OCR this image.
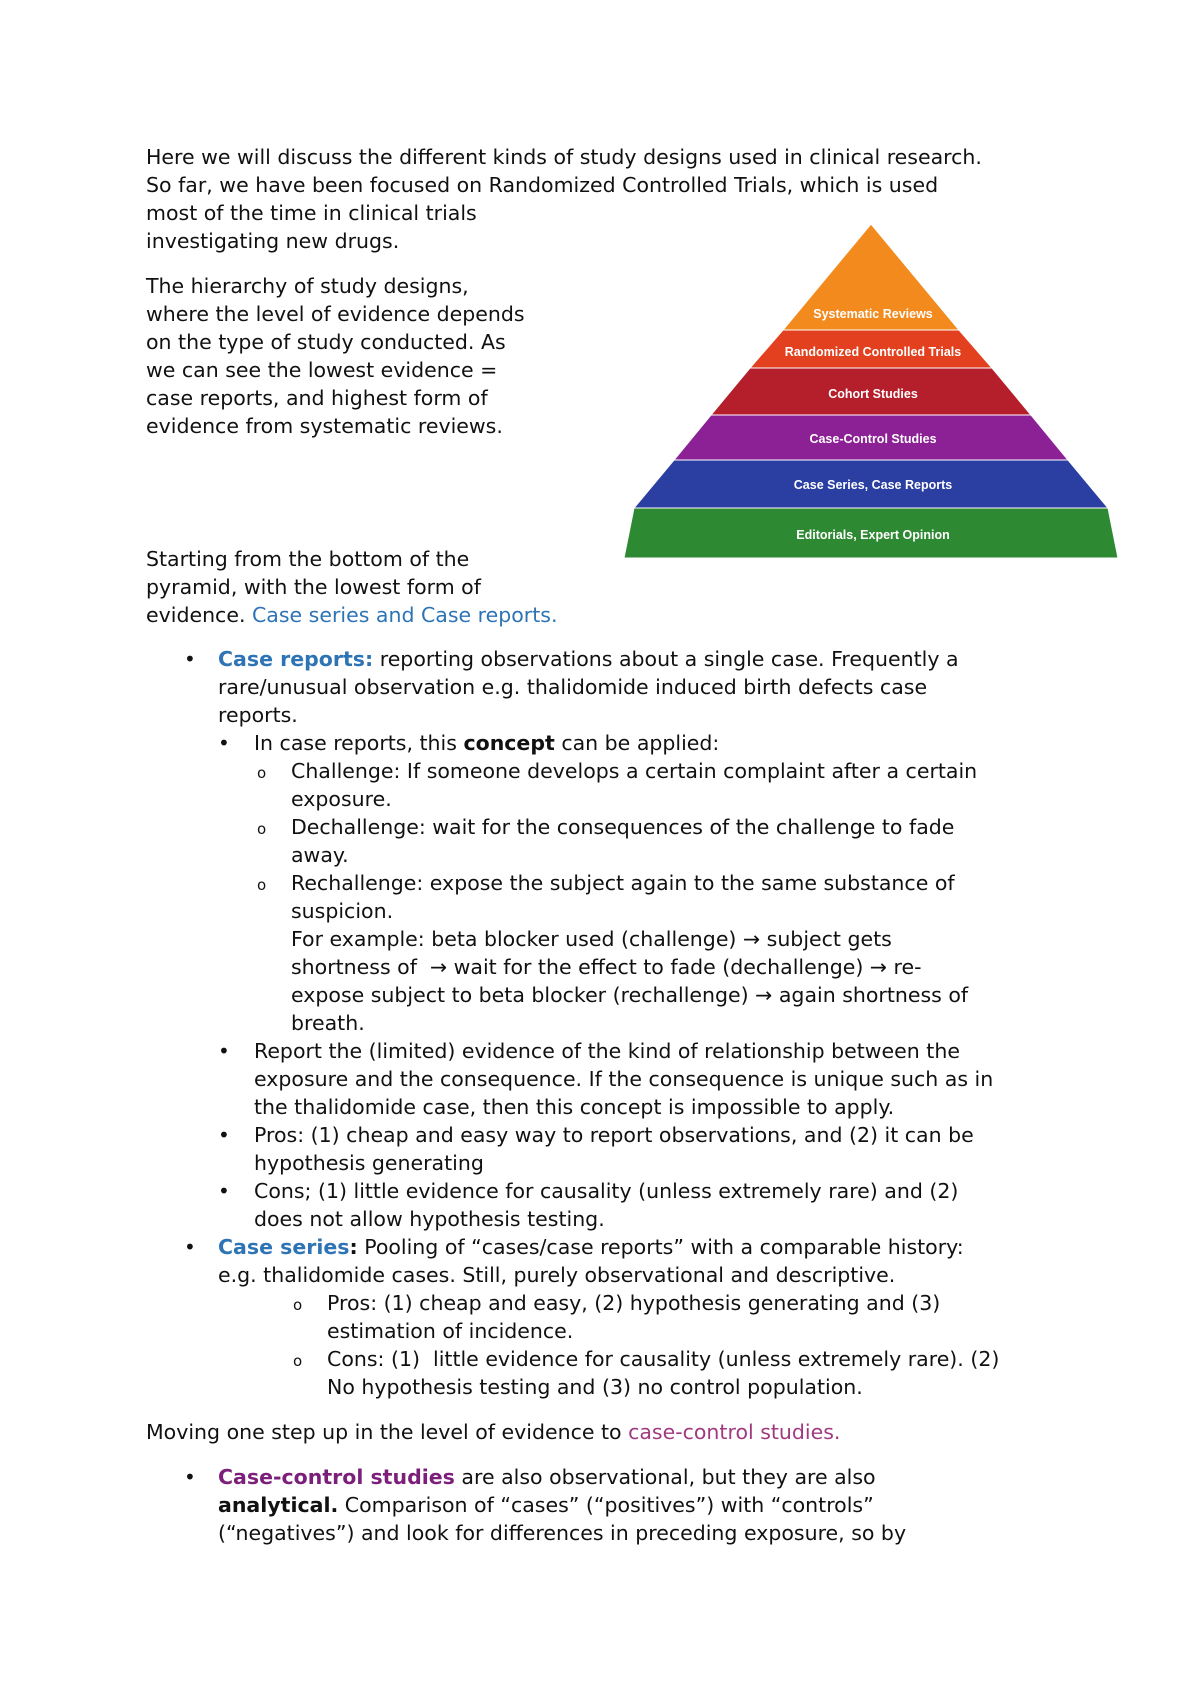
Here we will discuss the different kinds of study designs used in clinical research.
So far, we have been focused on Randomized Controlled Trials, which is used
most of the time in clinical trials
investigating new drugs.
The hierarchy of study designs,
where the level of evidence depends
on the type of study conducted. As
we can see the lowest evidence =
case reports, and highest form of
evidence from systematic reviews.
Systematic Reviews
Randomized Controlled Trials
Cohort Studies
Case-Control Studies
Case Series, Case Reports
Editorials, Expert Opinion
Starting from the bottom of the
pyramid, with the lowest form of
evidence. Case series and Case reports.
• Case reports: reporting observations about a single case. Frequently a
rare/unusual observation e.g. thalidomide induced birth defects case
reports.
• In case reports, this concept can be applied:
o Challenge: If someone develops a certain complaint after a certain
exposure.
o Dechallenge: wait for the consequences of the challenge to fade
away.
o Rechallenge: expose the subject again to the same substance of
suspicion.
For example: beta blocker used (challenge) → subject gets
shortness of  → wait for the effect to fade (dechallenge) → re-
expose subject to beta blocker (rechallenge) → again shortness of
breath.
• Report the (limited) evidence of the kind of relationship between the
exposure and the consequence. If the consequence is unique such as in
the thalidomide case, then this concept is impossible to apply.
• Pros: (1) cheap and easy way to report observations, and (2) it can be
hypothesis generating
• Cons; (1) little evidence for causality (unless extremely rare) and (2)
does not allow hypothesis testing.
• Case series: Pooling of “cases/case reports” with a comparable history:
e.g. thalidomide cases. Still, purely observational and descriptive.
o Pros: (1) cheap and easy, (2) hypothesis generating and (3)
estimation of incidence.
o Cons: (1)  little evidence for causality (unless extremely rare). (2)
No hypothesis testing and (3) no control population.
Moving one step up in the level of evidence to case-control studies.
• Case-control studies are also observational, but they are also
analytical. Comparison of “cases” (“positives”) with “controls”
(“negatives”) and look for differences in preceding exposure, so by
